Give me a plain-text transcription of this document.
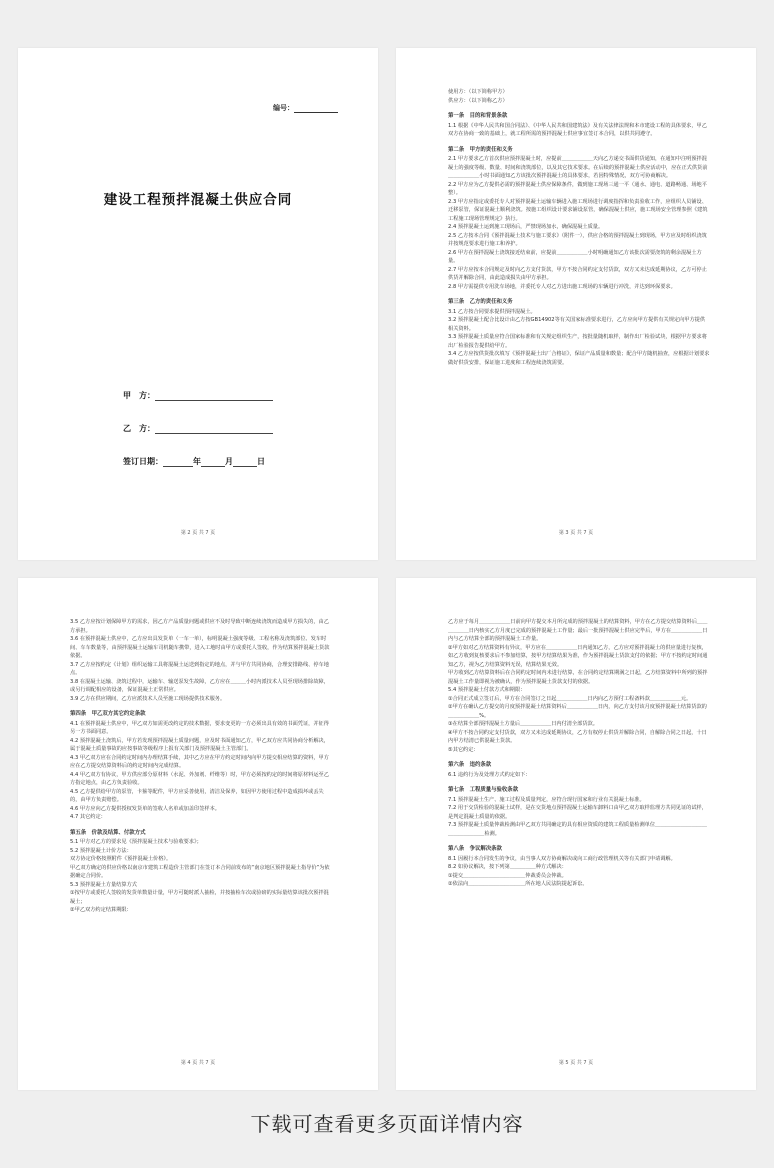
编号：
建设工程预拌混凝土供应合同
甲　方：
乙　方：
签订日期：	年	月	日
第 2 页 共 7 页

使用方：（以下简称甲方）

供应方：（以下简称乙方）

第一条　目的和背景条款

1.1 根据《中华人民共和国合同法》、《中华人民共和国建筑法》及有关法律法规和本市建设工程的具体要求，甲乙双方在协商一致的基础上，就工程所需的预拌混凝土供应事宜签订本合同，以供共同遵守。

第二条　甲方的责任和义务

2.1 甲方要求乙方首次供应预拌混凝土时，应提前＿＿＿＿＿＿天向乙方递交书面供货通知，在通知中注明预拌混凝土的强度等级、数量、时间和浇筑部位，以及其它技术要求。在后续的预拌混凝土供应活动中，应在正式供货前＿＿＿＿＿＿小时书面通知乙方该批次预拌混凝土的具体要求，若因特殊情况，双方可协商解决。

2.2 甲方应为乙方提供必需的预拌混凝土供应保障条件，做到施工现场三通一平（通水、通电、道路畅通、场地平整）。

2.3 甲方应指定或委托专人对预拌混凝土运输车辆进入施工现场进行调度指挥和负责验收工作，应组织人员铺设、迁移泵管，保证混凝土顺利浇筑。按施工组织设计要求铺设泵管，确保混凝土供应，施工现场安全管理参照《建筑工程施工现场管理规定》执行。

2.4 预拌混凝土运到施工现场后，严禁现场加水，确保混凝土质量。

2.5 乙方按本合同《预拌混凝土技术与施工要求》（附件一），供应合格的预拌混凝土到现场，甲方应及时组织浇筑并按规范要求进行施工和养护。

2.6 甲方在预拌混凝土浇筑接近结束前，应提前＿＿＿＿＿＿小时明确通知乙方该批次需要浇筑的剩余混凝土方量。

2.7 甲方应按本合同规定及时向乙方支付货款，甲方不按合同约定支付货款，双方又未达成延期协议，乙方可停止供货并解除合同，由此造成损失由甲方承担。

2.8 甲方需提供专用洗车场地，并委托专人对乙方进出施工现场的车辆进行冲洗，并达到环保要求。

第三条　乙方的责任和义务

3.1 乙方按合同要求提供预拌混凝土。

3.2 预拌混凝土配合比设计由乙方按GB14902等有关国家标准要求进行，乙方应向甲方提供有关规定向甲方提供相关资料。

3.3 预拌混凝土质量应符合国家标准和有关规定组织生产，按批量随机取样，制作出厂检验试块，根据甲方要求将出厂检验报告提供给甲方。

3.4 乙方应按供货批次填写《预拌混凝土出厂合格证》，保证产品质量和数量；配合甲方随机抽查，应根据计划要求做好供货安排，保证施工进度和工程连续浇筑需要。

第 3 页 共 7 页

3.5 乙方应按计划保障甲方的需求，因乙方产品质量问题或供应不及时导致中断连续浇筑而造成甲方损失的，由乙方承担。

3.6 在预拌混凝土供应中，乙方应出具发货单（一车一单），标明混凝土强度等级、工程名称及浇筑部位、发车时间、车车数量等，由预拌混凝土运输车司机随车携带，进入工地时由甲方或委托人签收，作为结算预拌混凝土货款依据。

3.7 乙方应按约定《计划》组织运输工具将混凝土运送到指定的地点，并与甲方共同协商，合理安排路线、停车地点。

3.8 在混凝土运输、浇筑过程中，运输车、输送泵发生故障，乙方应在＿＿＿小时内派技术人员至现场排除故障，或另行调配相应的设备，保证混凝土正常供应。

3.9 乙方在供应期间，乙方应派技术人员至施工现场提供技术服务。

第四条　甲乙双方其它约定条款

4.1 在预拌混凝土供应中，甲乙双方如需更改约定的技术数据，要求变更的一方必须出具有效的书面凭证，并征得另一方书面同意。

4.2 预拌混凝土浇筑后，甲方若发现预拌混凝土质量问题，应及时书面通知乙方，甲乙双方应共同协商分析解决，属于混凝土质量事故的应按事故等级程序上报有关部门及预拌混凝土主管部门。

4.3 甲乙双方应在合同约定时间内办理结算手续，其中乙方应在甲方约定时间内向甲方提交相应结算的资料，甲方应在乙方提交结算资料后的约定时间内完成结算。

4.4 甲乙双方有协议，甲方供应部分原材料（水泥、外加剂、纤维等）时，甲方必须按约定的时间将原材料运至乙方指定地点，由乙方负责验收。

4.5 乙方提供给甲方的泵管，卡箍等配件，甲方应妥善使用，清洁及保养，如因甲方使用过程中造成损坏或丢失的，由甲方负责赔偿。

4.6 甲方应向乙方提供授权发货单的签收人名单或加盖印签样本。

4.7 其它约定：

第五条　价款及结算、付款方式

5.1 甲方对乙方的要求见《预拌混凝土技术与验收要求》；

5.2 预拌混凝土计价方法：

双方协定价格按照附件《预拌混凝土价格》。

甲乙双方确定的供应价格以南京市建筑工程造价主管部门在签订本合同前发布的“南京地区预拌混凝土指导价”为依据确定合同价。

5.3 预拌混凝土方量结算方式

①按甲方或委托人签收的发货单数量计量，甲方可随时派人抽检，并按抽检车次或验磅的实际量结算该批次预拌混凝土；

②甲乙双方约定结算期限：

第 4 页 共 7 页

乙方应于每月＿＿＿＿＿＿日前向甲方提交本月所完成的预拌混凝土的结算资料，甲方在乙方提交结算资料后＿＿＿＿＿＿日内核实乙方月度已完成的预拌混凝土工作量；最后一批预拌混凝土供应完毕后，甲方在＿＿＿＿＿＿日内与乙方结算全部的预拌混凝土工作量。

②甲方如对乙方结算资料有异议，甲方应在＿＿＿＿＿＿日内通知乙方，乙方应对预拌混凝土的供应量进行复核，如乙方收到复核要求后不参加结算，按甲方结算结果为准，作为预拌混凝土货款支付的依据；甲方不按约定时间通知乙方，视为乙方结算资料无误，结算结果无效。

甲方收到乙方结算资料后在合同约定时间内未进行结算，在合同约定结算期满之日起，乙方结算资料中所列的预拌混凝土工作量即视为被确认，作为预拌混凝土货款支付的依据。

5.4 预拌混凝土付款方式和期限：

①合同正式成立签订后，甲方在合同签订之日起＿＿＿＿＿＿日内向乙方预付工程备料款＿＿＿＿＿＿元。

②甲方在确认乙方提交的月度预拌混凝土结算资料后＿＿＿＿＿＿日内，向乙方支付该月度预拌混凝土结算货款的＿＿＿＿＿＿%。

③在结算全部预拌混凝土方量后＿＿＿＿＿＿日内付清全部货款。

④甲方不按合同约定支付货款，双方又未达成延期协议，乙方有权停止供货并解除合同，自解除合同之日起，十日内甲方结清已供混凝土货款。

⑤其它约定：

第六条　违约条款

6.1 违约行为及处理方式约定如下：

第七条　工程质量与验收条款

7.1 预拌混凝土生产、施工过程及质量判定，应符合现行国家和行业有关混凝土标准。

7.2 用于交货检验的混凝土试样，是在交货地点预拌混凝土运输车卸料口由甲乙双方取样监理方共同见证的试样，是判定混凝土质量的依据。

7.3 预拌混凝土质量仲裁检测由甲乙双方共同确定的具有相应资质的建筑工程质量检测单位＿＿＿＿＿＿＿＿＿＿＿＿＿＿＿＿＿检测。

第八条　争议解决条款

8.1 因履行本合同发生的争议，由当事人双方协商解决或向工商行政管理机关等有关部门申请调解。

8.2 如协议解决，按下列第＿＿＿＿＿种方式解决：

①提交＿＿＿＿＿＿＿＿＿＿＿＿仲裁委员会仲裁。

②依法向＿＿＿＿＿＿＿＿＿＿＿所在地人民法院提起诉讼。

第 5 页 共 7 页
下载可查看更多页面详情内容
